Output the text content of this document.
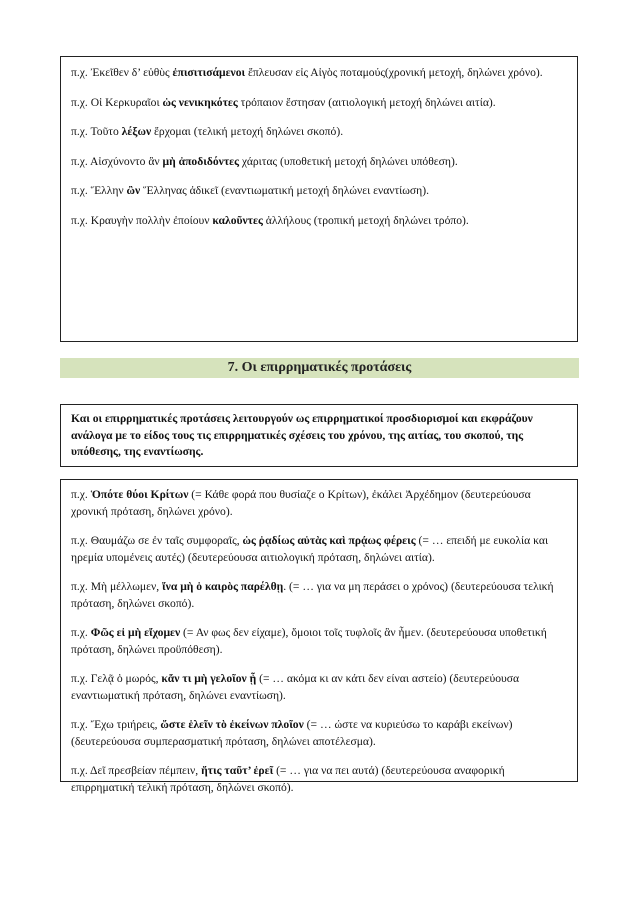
π.χ. Ἐκεῖθεν δ’ εὐθὺς ἐπισιτισάμενοι ἔπλευσαν εἰς Αἰγὸς ποταμούς(χρονική μετοχή, δηλώνει χρόνο).

π.χ. Οἱ Κερκυραῖοι ὡς νενικηκότες τρόπαιον ἔστησαν (αιτιολογική μετοχή δηλώνει αιτία).

π.χ. Τοῦτο λέξων ἔρχομαι (τελική μετοχή δηλώνει σκοπό).

π.χ. Αἰσχύνοντο ἂν μὴ ἀποδιδόντες χάριτας (υποθετική μετοχή δηλώνει υπόθεση).

π.χ. Ἕλλην ὢν Ἕλληνας ἀδικεῖ (εναντιωματική μετοχή δηλώνει εναντίωση).

π.χ. Κραυγὴν πολλὴν ἐποίουν καλοῦντες ἀλλήλους (τροπική μετοχή δηλώνει τρόπο).

7. Οι επιρρηματικές προτάσεις

Και οι επιρρηματικές προτάσεις λειτουργούν ως επιρρηματικοί προσδιορισμοί και εκφράζουν ανάλογα με το είδος τους τις επιρρηματικές σχέσεις του χρόνου, της αιτίας, του σκοπού, της υπόθεσης, της εναντίωσης.

π.χ. Ὁπότε θύοι Κρίτων (= Κάθε φορά που θυσίαζε ο Κρίτων), ἐκάλει Ἀρχέδημον (δευτερεύουσα χρονική πρόταση, δηλώνει χρόνο).

π.χ. Θαυμάζω σε ἐν ταῖς συμφοραῖς, ὡς ῥᾳδίως αὐτὰς καὶ πρᾴως φέρεις (= … επειδή με ευκολία και ηρεμία υπομένεις αυτές) (δευτερεύουσα αιτιολογική πρόταση, δηλώνει αιτία).

π.χ. Μὴ μέλλωμεν, ἵνα μὴ ὁ καιρὸς παρέλθῃ. (= … για να μη περάσει ο χρόνος) (δευτερεύουσα τελική πρόταση, δηλώνει σκοπό).

π.χ. Φῶς εἰ μὴ εἴχομεν (= Αν φως δεν είχαμε), ὅμοιοι τοῖς τυφλοῖς ἂν ἦμεν. (δευτερεύουσα υποθετική πρόταση, δηλώνει προϋπόθεση).

π.χ. Γελᾷ ὁ μωρός, κἄν τι μὴ γελοῖον ᾖ (= … ακόμα κι αν κάτι δεν είναι αστείο) (δευτερεύουσα εναντιωματική πρόταση, δηλώνει εναντίωση).

π.χ. Ἔχω τριήρεις, ὥστε ἑλεῖν τὸ ἐκείνων πλοῖον (= … ώστε να κυριεύσω το καράβι εκείνων) (δευτερεύουσα συμπερασματική πρόταση, δηλώνει αποτέλεσμα).

π.χ. Δεῖ πρεσβείαν πέμπειν, ἥτις ταῦτ’ ἐρεῖ (= … για να πει αυτά) (δευτερεύουσα αναφορική επιρρηματική τελική πρόταση, δηλώνει σκοπό).
